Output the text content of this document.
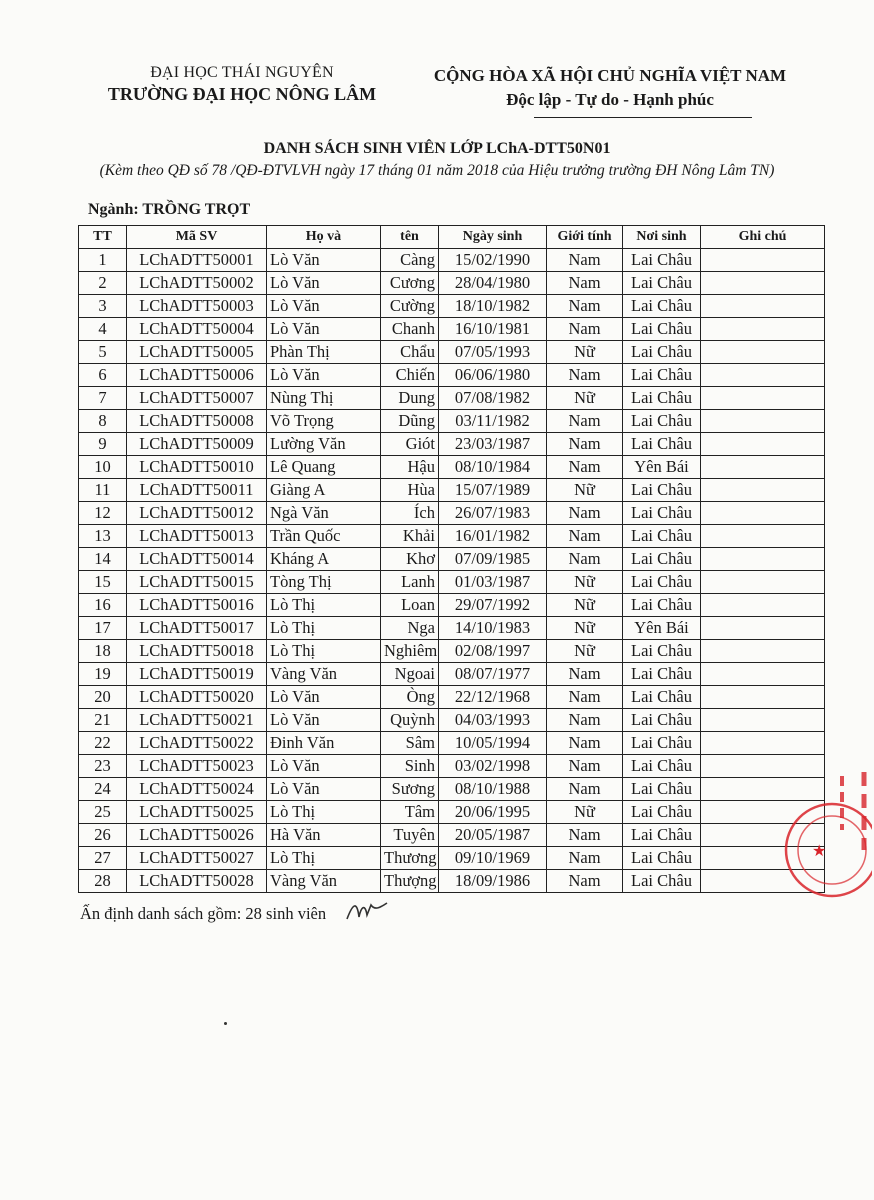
ĐẠI HỌC THÁI NGUYÊN
TRƯỜNG ĐẠI HỌC NÔNG LÂM
CỘNG HÒA XÃ HỘI CHỦ NGHĨA VIỆT NAM
Độc lập - Tự do - Hạnh phúc
DANH SÁCH SINH VIÊN LỚP LChA-DTT50N01
(Kèm theo QĐ số 78 /QĐ-ĐTVLVH ngày 17 tháng 01 năm 2018 của Hiệu trưởng trường ĐH Nông Lâm TN)
Ngành: TRỒNG TRỌT
TT	Mã SV	Họ và	tên	Ngày sinh	Giới tính	Nơi sinh	Ghi chú
1	LChADTT50001	Lò Văn	Càng	15/02/1990	Nam	Lai Châu	
2	LChADTT50002	Lò Văn	Cương	28/04/1980	Nam	Lai Châu	
3	LChADTT50003	Lò Văn	Cường	18/10/1982	Nam	Lai Châu	
4	LChADTT50004	Lò Văn	Chanh	16/10/1981	Nam	Lai Châu	
5	LChADTT50005	Phàn Thị	Chẩu	07/05/1993	Nữ	Lai Châu	
6	LChADTT50006	Lò Văn	Chiến	06/06/1980	Nam	Lai Châu	
7	LChADTT50007	Nùng Thị	Dung	07/08/1982	Nữ	Lai Châu	
8	LChADTT50008	Võ Trọng	Dũng	03/11/1982	Nam	Lai Châu	
9	LChADTT50009	Lường Văn	Giót	23/03/1987	Nam	Lai Châu	
10	LChADTT50010	Lê Quang	Hậu	08/10/1984	Nam	Yên Bái	
11	LChADTT50011	Giàng A	Hùa	15/07/1989	Nữ	Lai Châu	
12	LChADTT50012	Ngà Văn	Ích	26/07/1983	Nam	Lai Châu	
13	LChADTT50013	Trần Quốc	Khải	16/01/1982	Nam	Lai Châu	
14	LChADTT50014	Kháng A	Khơ	07/09/1985	Nam	Lai Châu	
15	LChADTT50015	Tòng Thị	Lanh	01/03/1987	Nữ	Lai Châu	
16	LChADTT50016	Lò Thị	Loan	29/07/1992	Nữ	Lai Châu	
17	LChADTT50017	Lò Thị	Nga	14/10/1983	Nữ	Yên Bái	
18	LChADTT50018	Lò Thị	Nghiêm	02/08/1997	Nữ	Lai Châu	
19	LChADTT50019	Vàng Văn	Ngoai	08/07/1977	Nam	Lai Châu	
20	LChADTT50020	Lò Văn	Òng	22/12/1968	Nam	Lai Châu	
21	LChADTT50021	Lò Văn	Quỳnh	04/03/1993	Nam	Lai Châu	
22	LChADTT50022	Đinh Văn	Sâm	10/05/1994	Nam	Lai Châu	
23	LChADTT50023	Lò Văn	Sinh	03/02/1998	Nam	Lai Châu	
24	LChADTT50024	Lò Văn	Sương	08/10/1988	Nam	Lai Châu	
25	LChADTT50025	Lò Thị	Tâm	20/06/1995	Nữ	Lai Châu	
26	LChADTT50026	Hà Văn	Tuyên	20/05/1987	Nam	Lai Châu	
27	LChADTT50027	Lò Thị	Thương	09/10/1969	Nam	Lai Châu	
28	LChADTT50028	Vàng Văn	Thượng	18/09/1986	Nam	Lai Châu	
Ấn định danh sách gồm: 28 sinh viên
★
